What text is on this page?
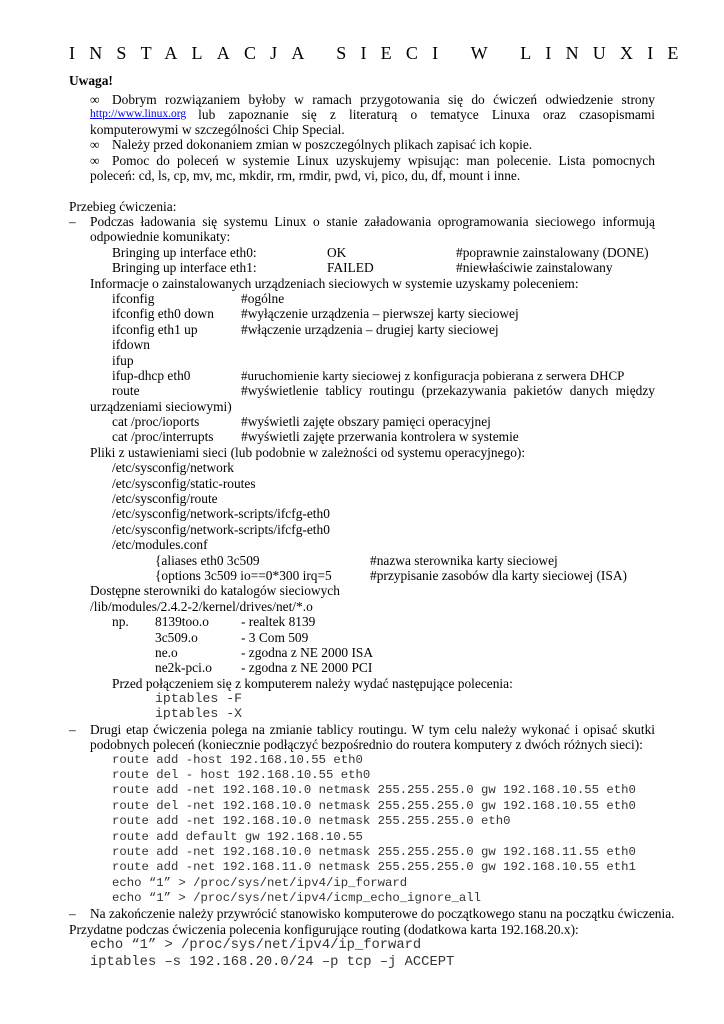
INSTALACJA SIECI W LINUXIE
Uwaga!
∞ Dobrym rozwiązaniem byłoby w ramach przygotowania się do ćwiczeń odwiedzenie strony
http://www.linux.org lub zapoznanie się z literaturą o tematyce Linuxa oraz czasopismami
komputerowymi w szczególności Chip Special.
∞ Należy przed dokonaniem zmian w poszczególnych plikach zapisać ich kopie.
∞ Pomoc do poleceń w systemie Linux uzyskujemy wpisując: man polecenie. Lista pomocnych
poleceń: cd, ls, cp, mv, mc, mkdir, rm, rmdir, pwd, vi, pico, du, df, mount i inne.
Przebieg ćwiczenia:
– Podczas ładowania się systemu Linux o stanie załadowania oprogramowania sieciowego informują
odpowiednie komunikaty:
Bringing up interface eth0:	OK	#poprawnie zainstalowany (DONE)
Bringing up interface eth1:	FAILED	#niewłaściwie zainstalowany
Informacje o zainstalowanych urządzeniach sieciowych w systemie uzyskamy poleceniem:
ifconfig	#ogólne
ifconfig eth0 down #wyłączenie urządzenia – pierwszej karty sieciowej
ifconfig eth1 up	#włączenie urządzenia – drugiej karty sieciowej
ifdown
ifup
ifup-dhcp eth0	#uruchomienie karty sieciowej z konfiguracja pobierana z serwera DHCP
route	#wyświetlenie tablicy routingu (przekazywania pakietów danych między
urządzeniami sieciowymi)
cat /proc/ioports	#wyświetli zajęte obszary pamięci operacyjnej
cat /proc/interrupts #wyświetli zajęte przerwania kontrolera w systemie
Pliki z ustawieniami sieci (lub podobnie w zależności od systemu operacyjnego):
/etc/sysconfig/network
/etc/sysconfig/static-routes
/etc/sysconfig/route
/etc/sysconfig/network-scripts/ifcfg-eth0
/etc/sysconfig/network-scripts/ifcfg-eth0
/etc/modules.conf
{aliases eth0 3c509	#nazwa sterownika karty sieciowej
{options 3c509 io==0*300 irq=5	#przypisanie zasobów dla karty sieciowej (ISA)
Dostępne sterowniki do katalogów sieciowych
/lib/modules/2.4.2-2/kernel/drives/net/*.o
np. 8139too.o - realtek 8139
3c509.o	- 3 Com 509
ne.o	- zgodna z NE 2000 ISA
ne2k-pci.o - zgodna z NE 2000 PCI
Przed połączeniem się z komputerem należy wydać następujące polecenia:
iptables -F
iptables -X
– Drugi etap ćwiczenia polega na zmianie tablicy routingu. W tym celu należy wykonać i opisać skutki
podobnych poleceń (koniecznie podłączyć bezpośrednio do routera komputery z dwóch różnych sieci):
route add -host 192.168.10.55 eth0
route del - host 192.168.10.55 eth0
route add -net 192.168.10.0 netmask 255.255.255.0 gw 192.168.10.55 eth0
route del -net 192.168.10.0 netmask 255.255.255.0 gw 192.168.10.55 eth0
route add -net 192.168.10.0 netmask 255.255.255.0 eth0
route add default gw 192.168.10.55
route add -net 192.168.10.0 netmask 255.255.255.0 gw 192.168.11.55 eth0
route add -net 192.168.11.0 netmask 255.255.255.0 gw 192.168.10.55 eth1
echo “1” > /proc/sys/net/ipv4/ip_forward
echo “1” > /proc/sys/net/ipv4/icmp_echo_ignore_all
– Na zakończenie należy przywrócić stanowisko komputerowe do początkowego stanu na początku ćwiczenia.
Przydatne podczas ćwiczenia polecenia konfigurujące routing (dodatkowa karta 192.168.20.x):
echo “1” > /proc/sys/net/ipv4/ip_forward
iptables –s 192.168.20.0/24 –p tcp –j ACCEPT
